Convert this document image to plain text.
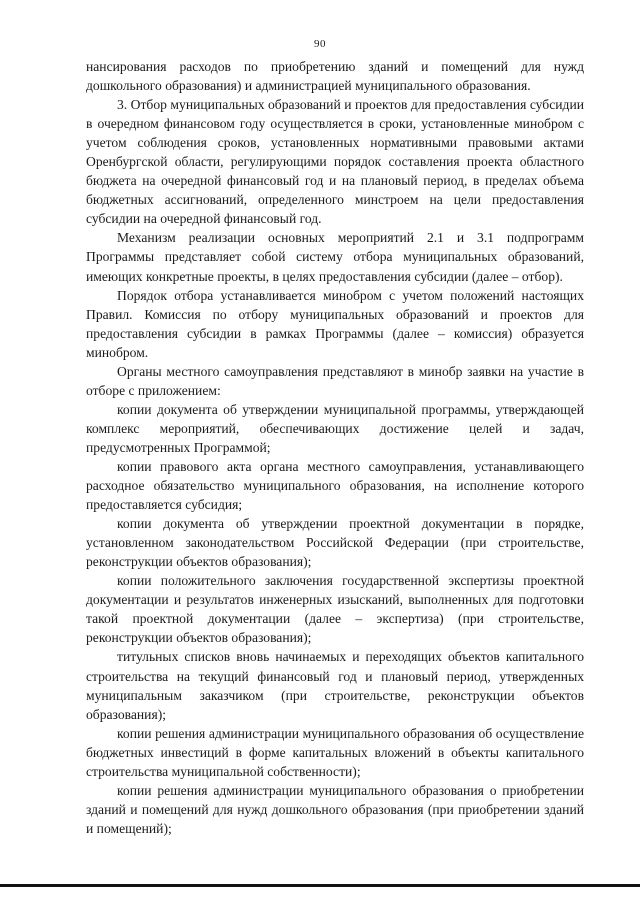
90

нансирования расходов по приобретению зданий и помещений для нужд дошкольного образования) и администрацией муниципального образования.

3. Отбор муниципальных образований и проектов для предоставления субсидии в очередном финансовом году осуществляется в сроки, установленные минобром с учетом соблюдения сроков, установленных нормативными правовыми актами Оренбургской области, регулирующими порядок составления проекта областного бюджета на очередной финансовый год и на плановый период, в пределах объема бюджетных ассигнований, определенного минстроем на цели предоставления субсидии на очередной финансовый год.

Механизм реализации основных мероприятий 2.1 и 3.1 подпрограмм Программы представляет собой систему отбора муниципальных образований, имеющих конкретные проекты, в целях предоставления субсидии (далее – отбор).

Порядок отбора устанавливается минобром с учетом положений настоящих Правил. Комиссия по отбору муниципальных образований и проектов для предоставления субсидии в рамках Программы (далее – комиссия) образуется минобром.

Органы местного самоуправления представляют в минобр заявки на участие в отборе с приложением:

копии документа об утверждении муниципальной программы, утверждающей комплекс мероприятий, обеспечивающих достижение целей и задач, предусмотренных Программой;

копии правового акта органа местного самоуправления, устанавливающего расходное обязательство муниципального образования, на исполнение которого предоставляется субсидия;

копии документа об утверждении проектной документации в порядке, установленном законодательством Российской Федерации (при строительстве, реконструкции объектов образования);

копии положительного заключения государственной экспертизы проектной документации и результатов инженерных изысканий, выполненных для подготовки такой проектной документации (далее – экспертиза) (при строительстве, реконструкции объектов образования);

титульных списков вновь начинаемых и переходящих объектов капитального строительства на текущий финансовый год и плановый период, утвержденных муниципальным заказчиком (при строительстве, реконструкции объектов образования);

копии решения администрации муниципального образования об осуществление бюджетных инвестиций в форме капитальных вложений в объекты капитального строительства муниципальной собственности);

копии решения администрации муниципального образования о приобретении зданий и помещений для нужд дошкольного образования (при приобретении зданий и помещений);
